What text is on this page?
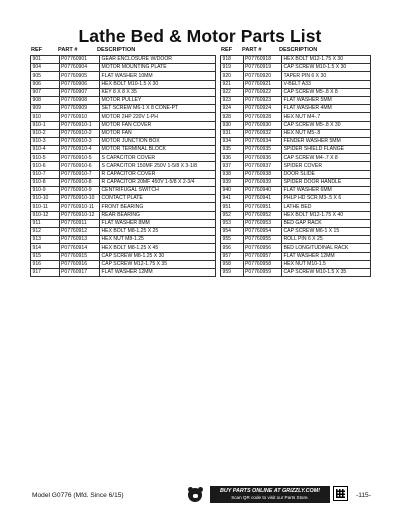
Lathe Bed & Motor Parts List
REF	PART #	DESCRIPTION
901	P07760901	GEAR ENCLOSURE W/DOOR
904	P07760904	MOTOR MOUNTING PLATE
905	P07760905	FLAT WASHER 10MM
906	P07760906	HEX BOLT M10-1.5 X 30
907	P07760907	KEY 8 X 8 X 35
908	P07760908	MOTOR PULLEY
909	P07760909	SET SCREW M6-1 X 8 CONE-PT
910	P07760910	MOTOR 2HP 220V 1-PH
910-1	P07760910-1	MOTOR FAN COVER
910-2	P07760910-2	MOTOR FAN
910-3	P07760910-3	MOTOR JUNCTION BOX
910-4	P07760910-4	MOTOR TERMINAL BLOCK
910-5	P07760910-5	S CAPACITOR COVER
910-6	P07760910-6	S CAPACITOR 150MF 250V 1-5/8 X 3-1/8
910-7	P07760910-7	R CAPACITOR COVER
910-8	P07760910-8	R CAPACITOR 20MF 450V 1-5/8 X 2-3/4
910-9	P07760910-9	CENTRIFUGAL SWITCH
910-10	P07760910-10	CONTACT PLATE
910-11	P07760910-11	FRONT BEARING
910-12	P07760910-12	REAR BEARING
911	P07760911	FLAT WASHER 8MM
912	P07760912	HEX BOLT M8-1.25 X 25
913	P07760913	HEX NUT M8-1.25
914	P07760914	HEX BOLT M8-1.25 X 45
915	P07760915	CAP SCREW M8-1.25 X 30
916	P07760916	CAP SCREW M12-1.75 X 35
917	P07760917	FLAT WASHER 12MM
REF	PART #	DESCRIPTION
918	P07760918	HEX BOLT M12-1.75 X 30
919	P07760919	CAP SCREW M10-1.5 X 30
920	P07760920	TAPER PIN 6 X 30
921	P07760921	V-BELT A33
922	P07760922	CAP SCREW M5-.8 X 8
923	P07760923	FLAT WASHER 5MM
924	P07760924	FLAT WASHER 4MM
928	P07760928	HEX NUT M4-.7
930	P07760930	CAP SCREW M5-.8 X 30
931	P07760932	HEX NUT M5-.8
934	P07760934	FENDER WASHER 5MM
935	P07760935	SPIDER SHIELD FLANGE
936	P07760936	CAP SCREW M4-.7 X 8
937	P07760937	SPIDER COVER
938	P07760938	DOOR SLIDE
939	P07760939	SPIDER DOOR HANDLE
940	P07760940	FLAT WASHER 6MM
941	P07760941	PHLP HD SCR M3-.5 X 6
951	P07760951	LATHE BED
952	P07760952	HEX BOLT M12-1.75 X 40
953	P07760953	BED GAP RACK
954	P07760954	CAP SCREW M6-1 X 15
955	P07760955	ROLL PIN 6 X 25
956	P07760956	BED LONG/TUDINAL RACK
957	P07760957	FLAT WASHER 12MM
958	P07760958	HEX NUT M10-1.5
959	P07760959	CAP SCREW M10-1.5 X 35
Model G0776 (Mfd. Since 6/15)
BUY PARTS ONLINE AT GRIZZLY.COM!
Scan QR code to visit our Parts Store.	-115-
